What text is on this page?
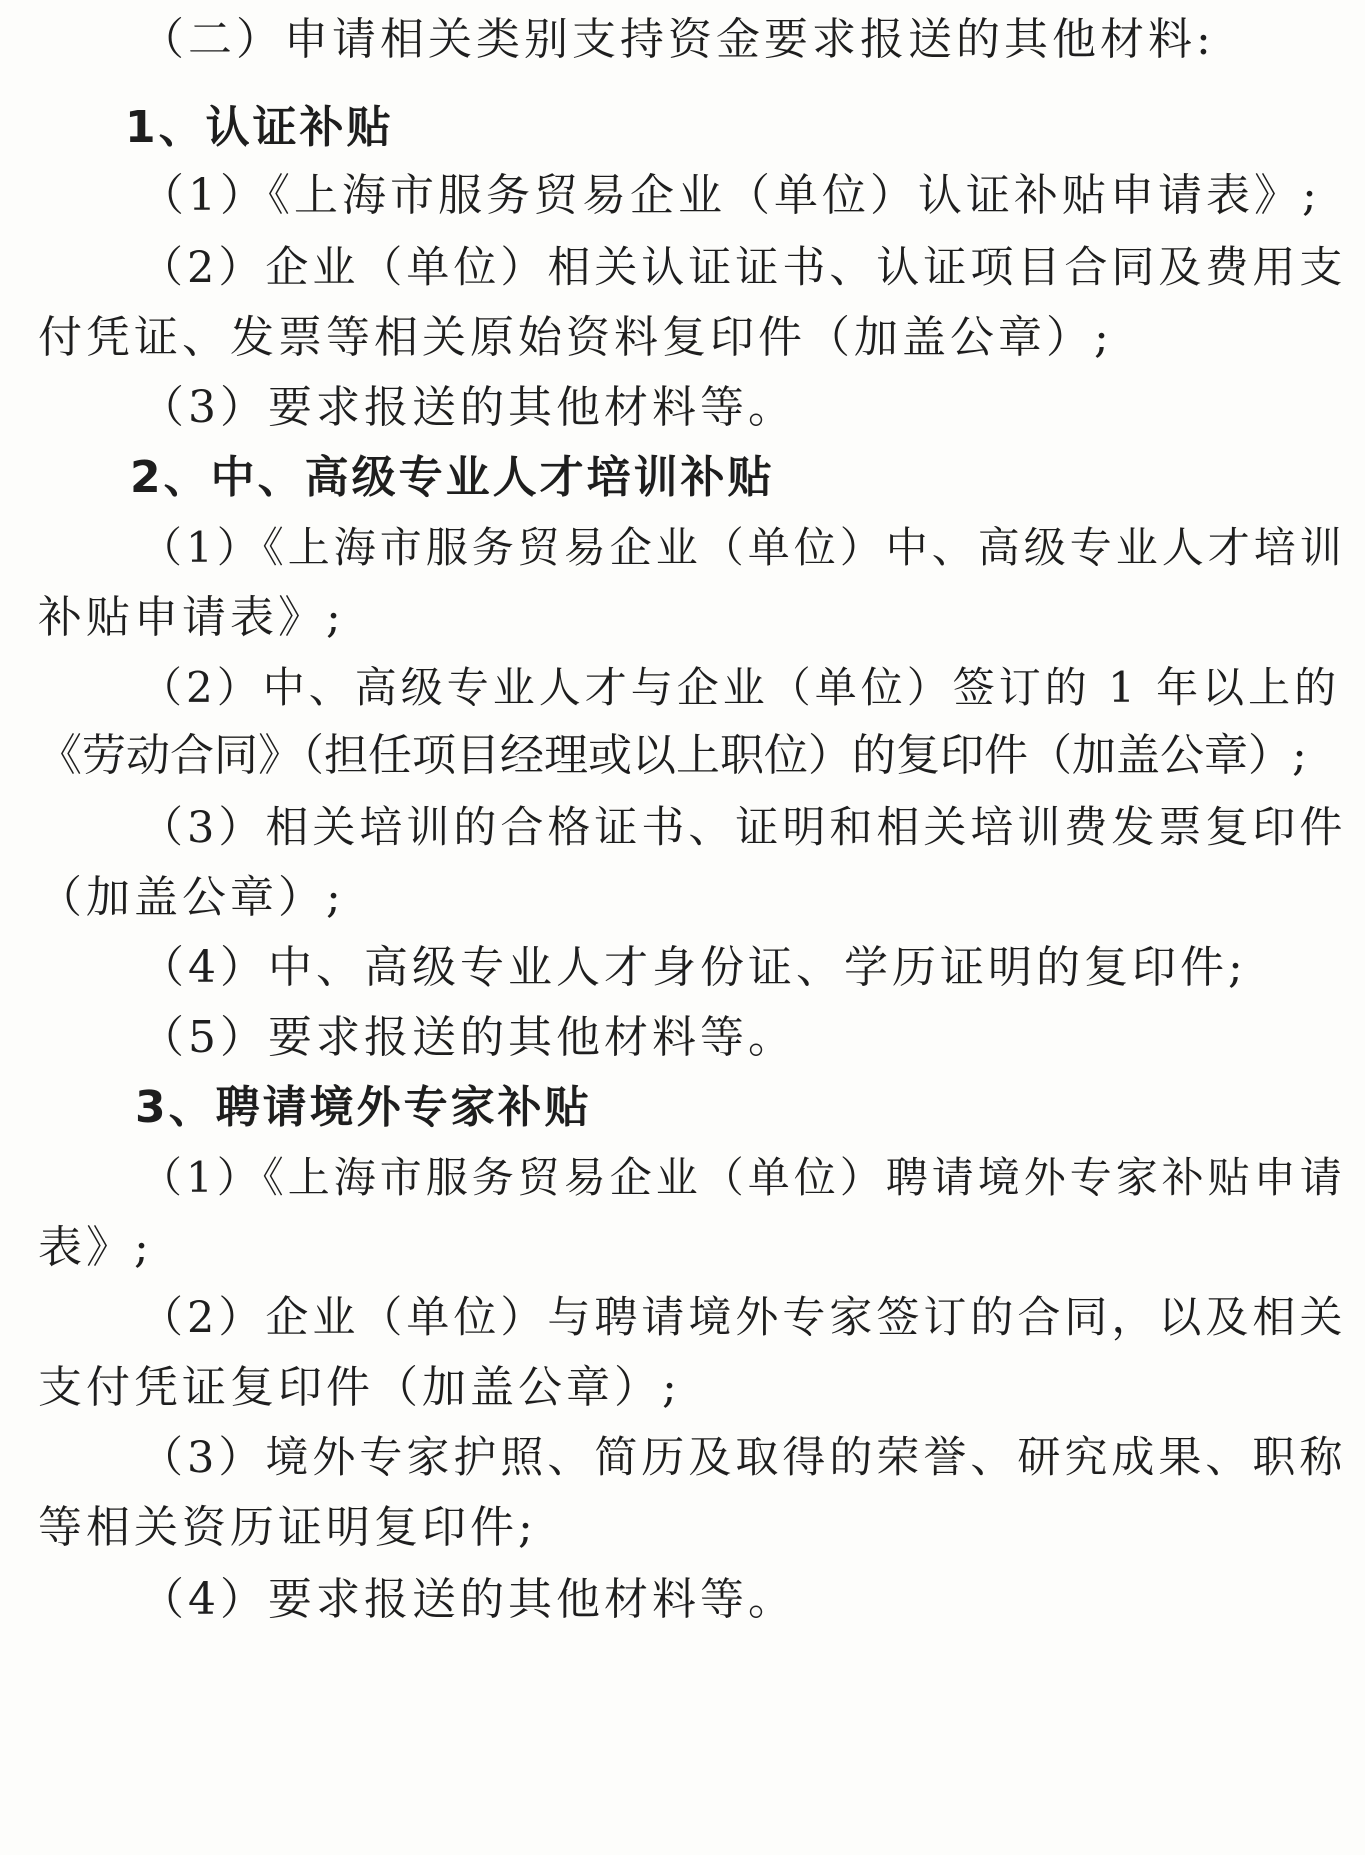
（二）申请相关类别支持资金要求报送的其他材料:
1、认证补贴
（1）《上海市服务贸易企业（单位）认证补贴申请表》;
（2）企业（单位）相关认证证书、认证项目合同及费用支
付凭证、发票等相关原始资料复印件（加盖公章）;
（3）要求报送的其他材料等。
2、中、高级专业人才培训补贴
（1）《上海市服务贸易企业（单位）中、高级专业人才培训
补贴申请表》;
（2）中、高级专业人才与企业（单位）签订的 1 年以上的
《劳动合同》（担任项目经理或以上职位）的复印件（加盖公章）;
（3）相关培训的合格证书、证明和相关培训费发票复印件
（加盖公章）;
（4）中、高级专业人才身份证、学历证明的复印件;
（5）要求报送的其他材料等。
3、聘请境外专家补贴
（1）《上海市服务贸易企业（单位）聘请境外专家补贴申请
表》;
（2）企业（单位）与聘请境外专家签订的合同，以及相关
支付凭证复印件（加盖公章）;
（3）境外专家护照、简历及取得的荣誉、研究成果、职称
等相关资历证明复印件;
（4）要求报送的其他材料等。
